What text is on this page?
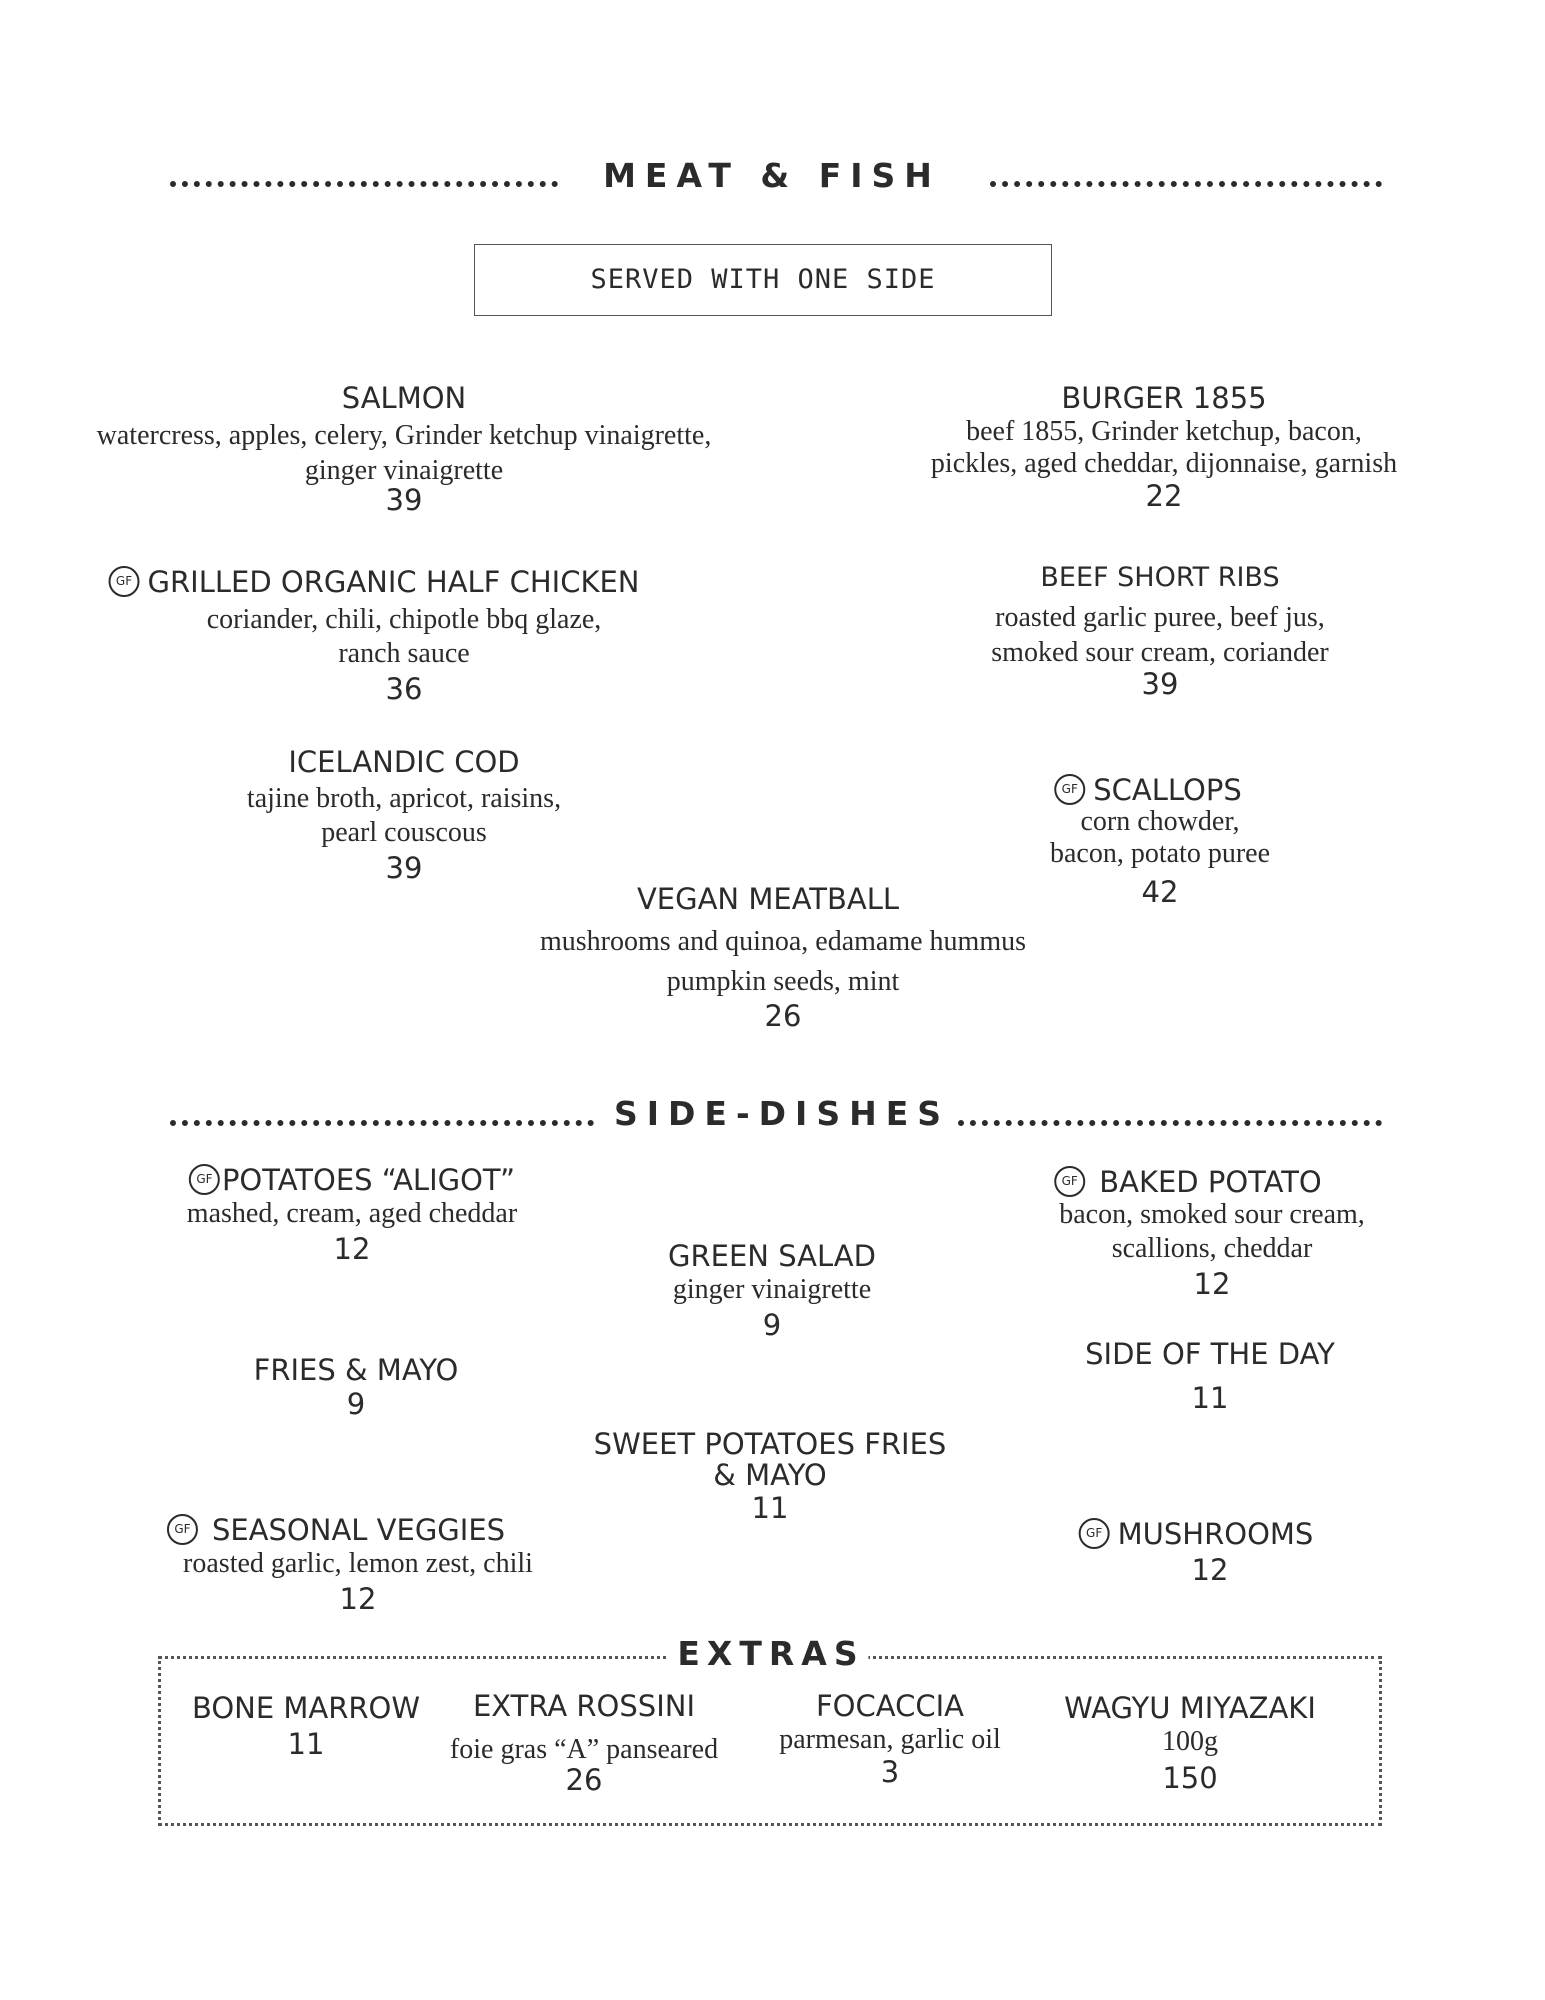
MEAT & FISH
SERVED WITH ONE SIDE
SALMON
watercress, apples, celery, Grinder ketchup vinaigrette,
ginger vinaigrette
39
BURGER 1855
beef 1855, Grinder ketchup, bacon,
pickles, aged cheddar, dijonnaise, garnish
22
GF GRILLED ORGANIC HALF CHICKEN
coriander, chili, chipotle bbq glaze,
ranch sauce
36
BEEF SHORT RIBS
roasted garlic puree, beef jus,
smoked sour cream, coriander
39
ICELANDIC COD
tajine broth, apricot, raisins,
pearl couscous
39
GF SCALLOPS
corn chowder,
bacon, potato puree
42
VEGAN MEATBALL
mushrooms and quinoa, edamame hummus
pumpkin seeds, mint
26
SIDE-DISHES
GF POTATOES “ALIGOT”
mashed, cream, aged cheddar
12	GREEN SALAD
ginger vinaigrette
9
GF BAKED POTATO
bacon, smoked sour cream,
scallions, cheddar
12
FRIES & MAYO
9
SIDE OF THE DAY
11
SWEET POTATOES FRIES
& MAYO
11
GF SEASONAL VEGGIES
roasted garlic, lemon zest, chili
12
GF MUSHROOMS
12
EXTRAS
BONE MARROW
11
EXTRA ROSSINI
foie gras “A” panseared
26
FOCACCIA
parmesan, garlic oil
3
WAGYU MIYAZAKI
100g
150
